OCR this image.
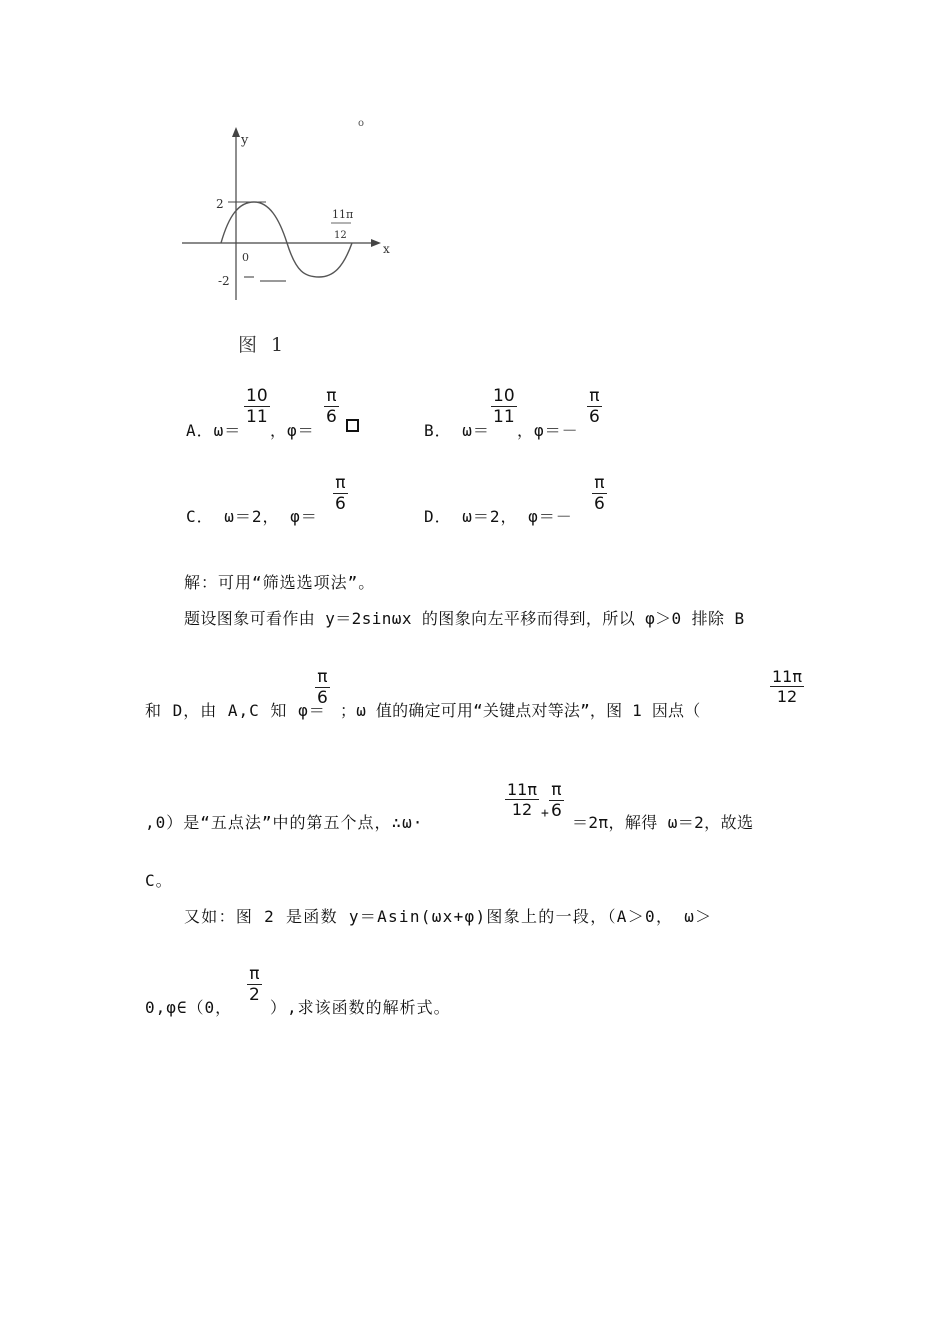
o
y
x
2
0
-2
11π
12
图 1
A．ω＝
$\frac{10}{11}$
，φ＝
$\frac{\pi}{6}$
B． ω＝
$\frac{10}{11}$
，φ＝－
$\frac{\pi}{6}$
C． ω＝2， φ＝
$\frac{\pi}{6}$
D． ω＝2， φ＝－
$\frac{\pi}{6}$
解：可用“筛选选项法”。
题设图象可看作由 y＝2sinωx 的图象向左平移而得到，所以 φ＞0 排除 B
和 D，由 A,C 知 φ＝
$\frac{\pi}{6}$
；ω 值的确定可用“关键点对等法”，图 1 因点（
$\frac{11\pi}{12}$
,0）是“五点法”中的第五个点，∴ω·
$\frac{11\pi}{12} + \frac{\pi}{6}$
＝2π，解得 ω＝2，故选
C。
又如：图 2 是函数 y＝Asin(ωx+φ)图象上的一段，（A＞0， ω＞
0,φ∈（0，
$\frac{\pi}{2}$
）,求该函数的解析式。
